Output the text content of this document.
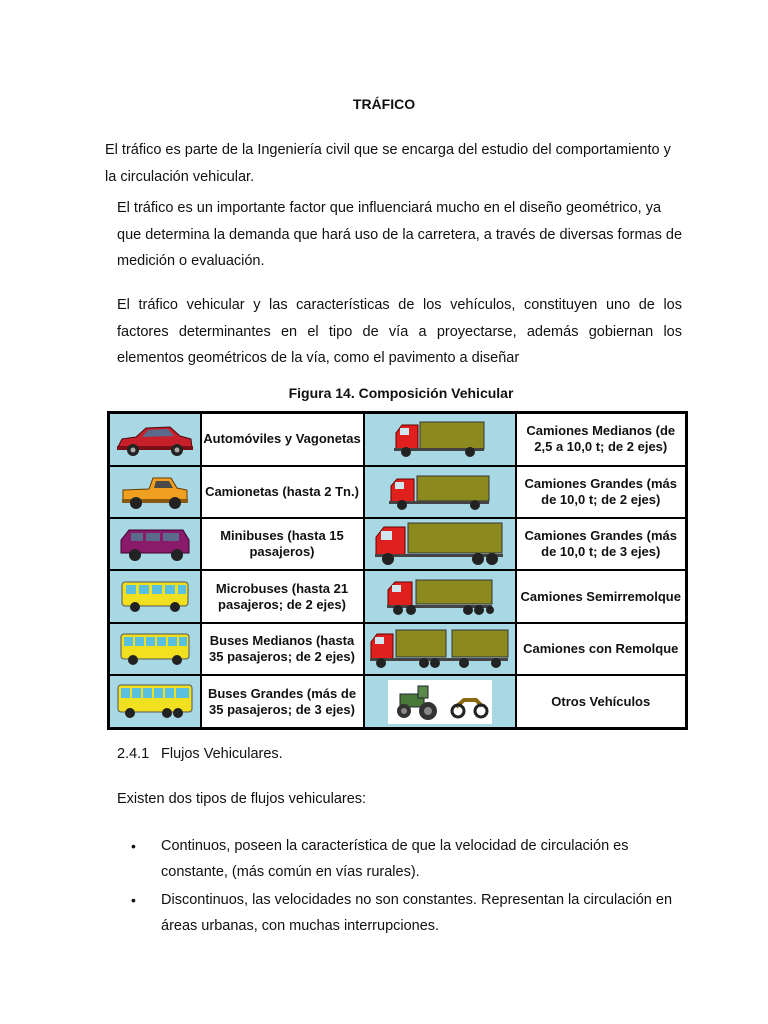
TRÁFICO
El tráfico es parte de la Ingeniería civil que se encarga del estudio del comportamiento y la circulación vehicular.
El tráfico es un importante factor que influenciará mucho en el diseño geométrico, ya que determina la demanda que hará uso de la carretera, a través de diversas formas de medición o evaluación.
El tráfico vehicular y las características de los vehículos, constituyen uno de los factores determinantes en el tipo de vía a proyectarse, además gobiernan los elementos geométricos de la vía, como el pavimento a diseñar
Figura 14. Composición Vehicular
	Automóviles y Vagonetas		Camiones Medianos (de 2,5 a 10,0 t; de 2 ejes)

	Camionetas (hasta 2 Tn.)		Camiones Grandes (más de 10,0 t; de 2 ejes)

	Minibuses (hasta 15 pasajeros)		Camiones Grandes (más de 10,0 t; de 3 ejes)

	Microbuses (hasta 21 pasajeros; de 2 ejes)		Camiones Semirremolque

	Buses Medianos (hasta 35 pasajeros; de 2 ejes)		Camiones con Remolque

	Buses Grandes (más de 35 pasajeros; de 3 ejes)		Otros Vehículos
2.4.1 Flujos Vehiculares.
Existen dos tipos de flujos vehiculares:
• Continuos, poseen la característica de que la velocidad de circulación es constante, (más común en vías rurales).
• Discontinuos, las velocidades no son constantes. Representan la circulación en áreas urbanas, con muchas interrupciones.
